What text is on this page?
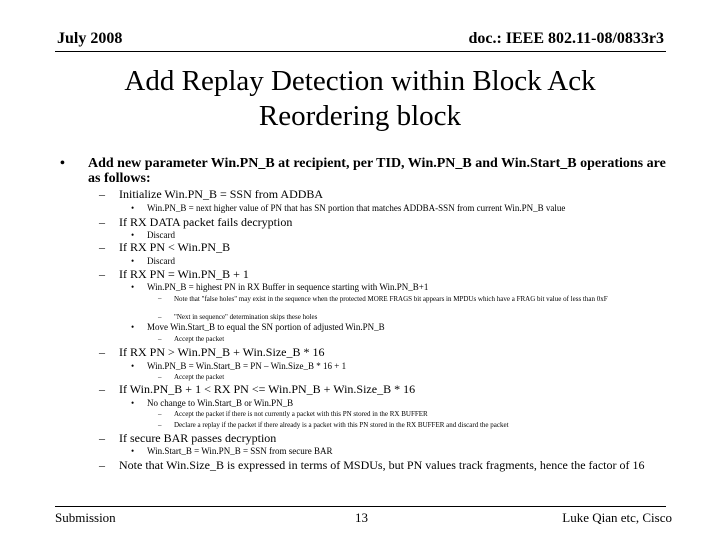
July 2008	doc.: IEEE 802.11-08/0833r3
Add Replay Detection within Block Ack
Reordering block
• Add new parameter Win.PN_B at recipient, per TID, Win.PN_B and Win.Start_B operations are
as follows:
– Initialize Win.PN_B = SSN from ADDBA
• Win.PN_B = next higher value of PN that has SN portion that matches ADDBA-SSN from current Win.PN_B value
– If RX DATA packet fails decryption
• Discard
– If RX PN < Win.PN_B
• Discard
– If RX PN = Win.PN_B + 1
• Win.PN_B = highest PN in RX Buffer in sequence starting with Win.PN_B+1
– Note that "false holes" may exist in the sequence when the protected MORE FRAGS bit appears in MPDUs which have a FRAG bit value of less than 0xF
– "Next in sequence" determination skips these holes
• Move Win.Start_B to equal the SN portion of adjusted Win.PN_B
– Accept the packet
– If RX PN > Win.PN_B + Win.Size_B * 16
• Win.PN_B = Win.Start_B = PN – Win.Size_B * 16 + 1
– Accept the packet
– If Win.PN_B + 1 < RX PN <= Win.PN_B + Win.Size_B * 16
• No change to Win.Start_B or Win.PN_B
– Accept the packet if there is not currently a packet with this PN stored in the RX BUFFER
– Declare a replay if the packet if there already is a packet with this PN stored in the RX BUFFER and discard the packet
– If secure BAR passes decryption
• Win.Start_B = Win.PN_B = SSN from secure BAR
– Note that Win.Size_B is expressed in terms of MSDUs, but PN values track fragments, hence the factor of 16
Submission	13	Luke Qian etc, Cisco
